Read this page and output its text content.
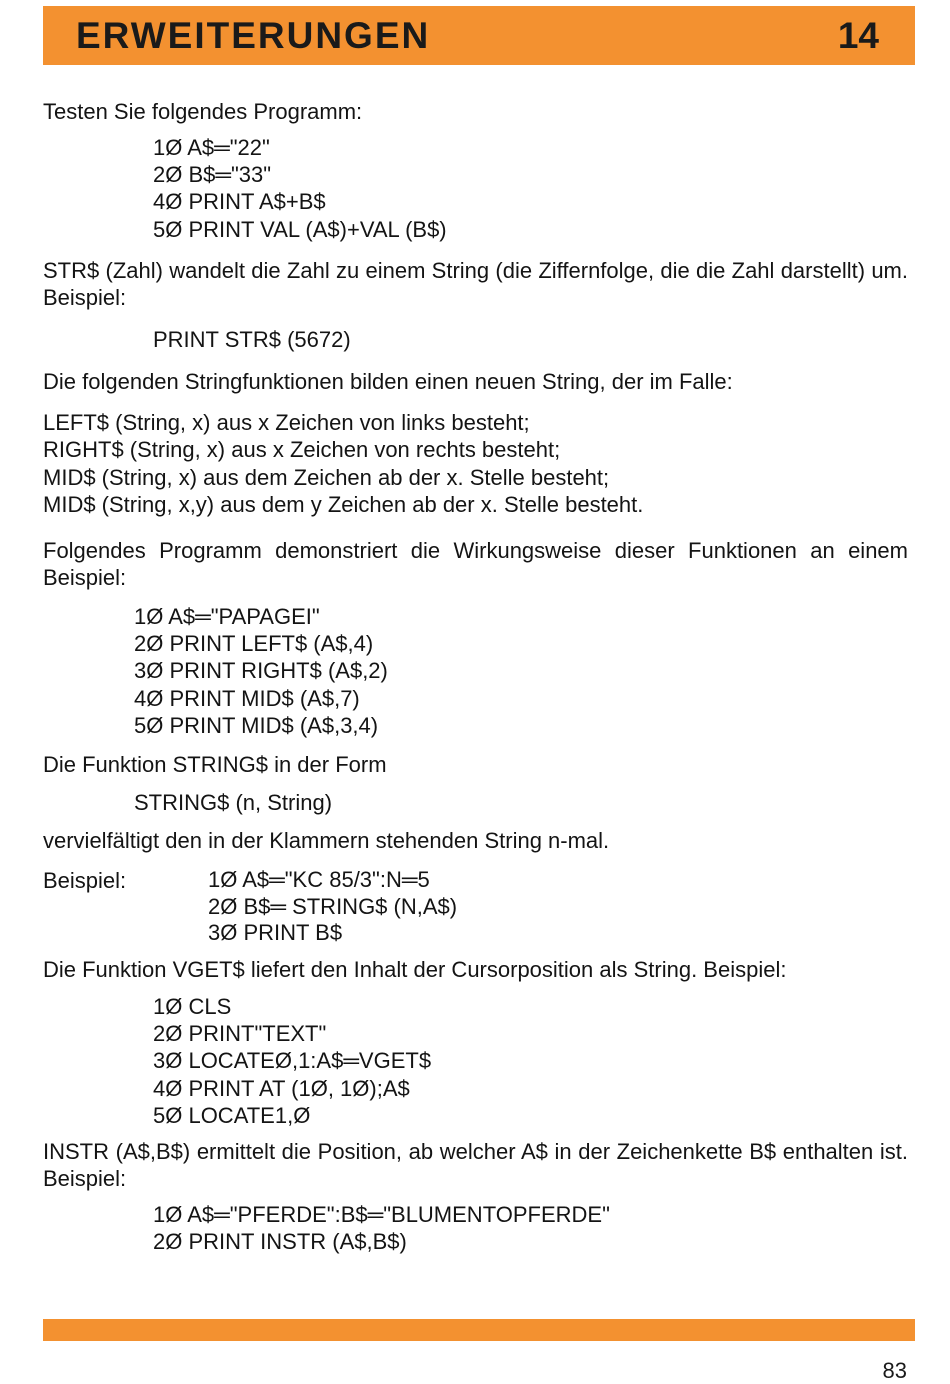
ERWEITERUNGEN	14

Testen Sie folgendes Programm:

1Ø A$═"22"
2Ø B$═"33"
4Ø PRINT A$+B$
5Ø PRINT VAL (A$)+VAL (B$)

STR$ (Zahl) wandelt die Zahl zu einem String (die Ziffernfolge, die die Zahl darstellt) um. Beispiel:

PRINT STR$ (5672)

Die folgenden Stringfunktionen bilden einen neuen String, der im Falle:

LEFT$ (String, x) aus x Zeichen von links besteht;
RIGHT$ (String, x) aus x Zeichen von rechts besteht;
MID$ (String, x) aus dem Zeichen ab der x. Stelle besteht;
MID$ (String, x,y) aus dem y Zeichen ab der x. Stelle besteht.

Folgendes Programm demonstriert die Wirkungsweise dieser Funktionen an einem Beispiel:

1Ø A$═"PAPAGEI"
2Ø PRINT LEFT$ (A$,4)
3Ø PRINT RIGHT$ (A$,2)
4Ø PRINT MID$ (A$,7)
5Ø PRINT MID$ (A$,3,4)

Die Funktion STRING$ in der Form

STRING$ (n, String)

vervielfältigt den in der Klammern stehenden String n-mal.

Beispiel:	1Ø A$═"KC 85/3":N═5
2Ø B$═ STRING$ (N,A$)
3Ø PRINT B$

Die Funktion VGET$ liefert den Inhalt der Cursorposition als String. Beispiel:

1Ø CLS
2Ø PRINT"TEXT"
3Ø LOCATEØ,1:A$═VGET$
4Ø PRINT AT (1Ø, 1Ø);A$
5Ø LOCATE1,Ø

INSTR (A$,B$) ermittelt die Position, ab welcher A$ in der Zeichenkette B$ enthalten ist. Beispiel:

1Ø A$═"PFERDE":B$═"BLUMENTOPFERDE"
2Ø PRINT INSTR (A$,B$)
83
